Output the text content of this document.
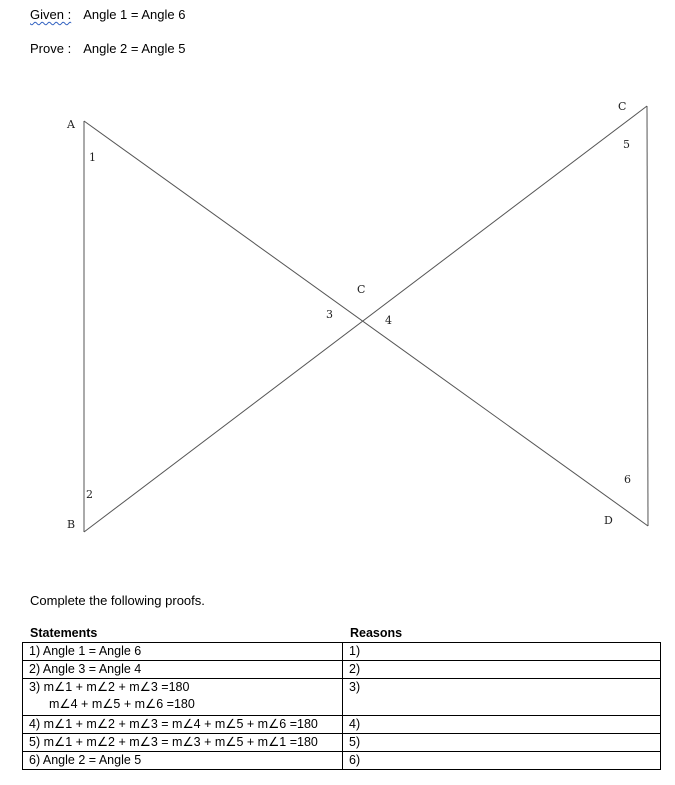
Given : Angle 1 = Angle 6
Prove : Angle 2 = Angle 5
A
B
C
C
D
1
2
3	4
5
6
Complete the following proofs.
Statements	Reasons
1) Angle 1 = Angle 6	1)
2) Angle 3 = Angle 4	2)
3) m∠1 + m∠2 + m∠3 =180
m∠4 + m∠5 + m∠6 =180	3)
4) m∠1 + m∠2 + m∠3 = m∠4 + m∠5 + m∠6 =180	4)
5) m∠1 + m∠2 + m∠3 = m∠3 + m∠5 + m∠1 =180	5)
6) Angle 2 = Angle 5	6)
